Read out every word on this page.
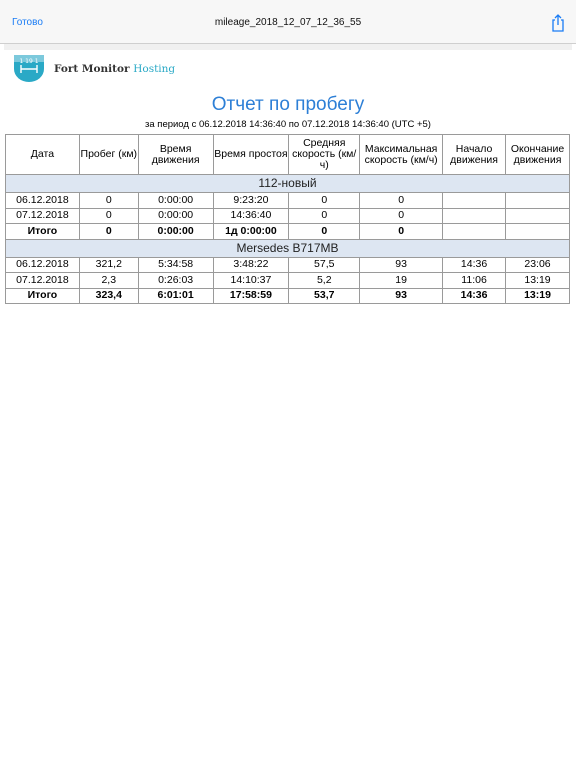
mileage_2018_12_07_12_36_55
Готово
1 19 1
Fort Monitor Hosting
Отчет по пробегу
за период с 06.12.2018 14:36:40 по 07.12.2018 14:36:40 (UTC +5)
Дата	Пробег (км)	Время движения	Время простоя	Средняя скорость (км/ч)	Максимальная скорость (км/ч)	Начало движения	Окончание движения
112-новый							
06.12.2018	0	0:00:00	9:23:20	0	0		
07.12.2018	0	0:00:00	14:36:40	0	0		
Итого	0	0:00:00	1д 0:00:00	0	0		
Mersedes B717MB							
06.12.2018	321,2	5:34:58	3:48:22	57,5	93	14:36	23:06
07.12.2018	2,3	0:26:03	14:10:37	5,2	19	11:06	13:19
Итого	323,4	6:01:01	17:58:59	53,7	93	14:36	13:19
